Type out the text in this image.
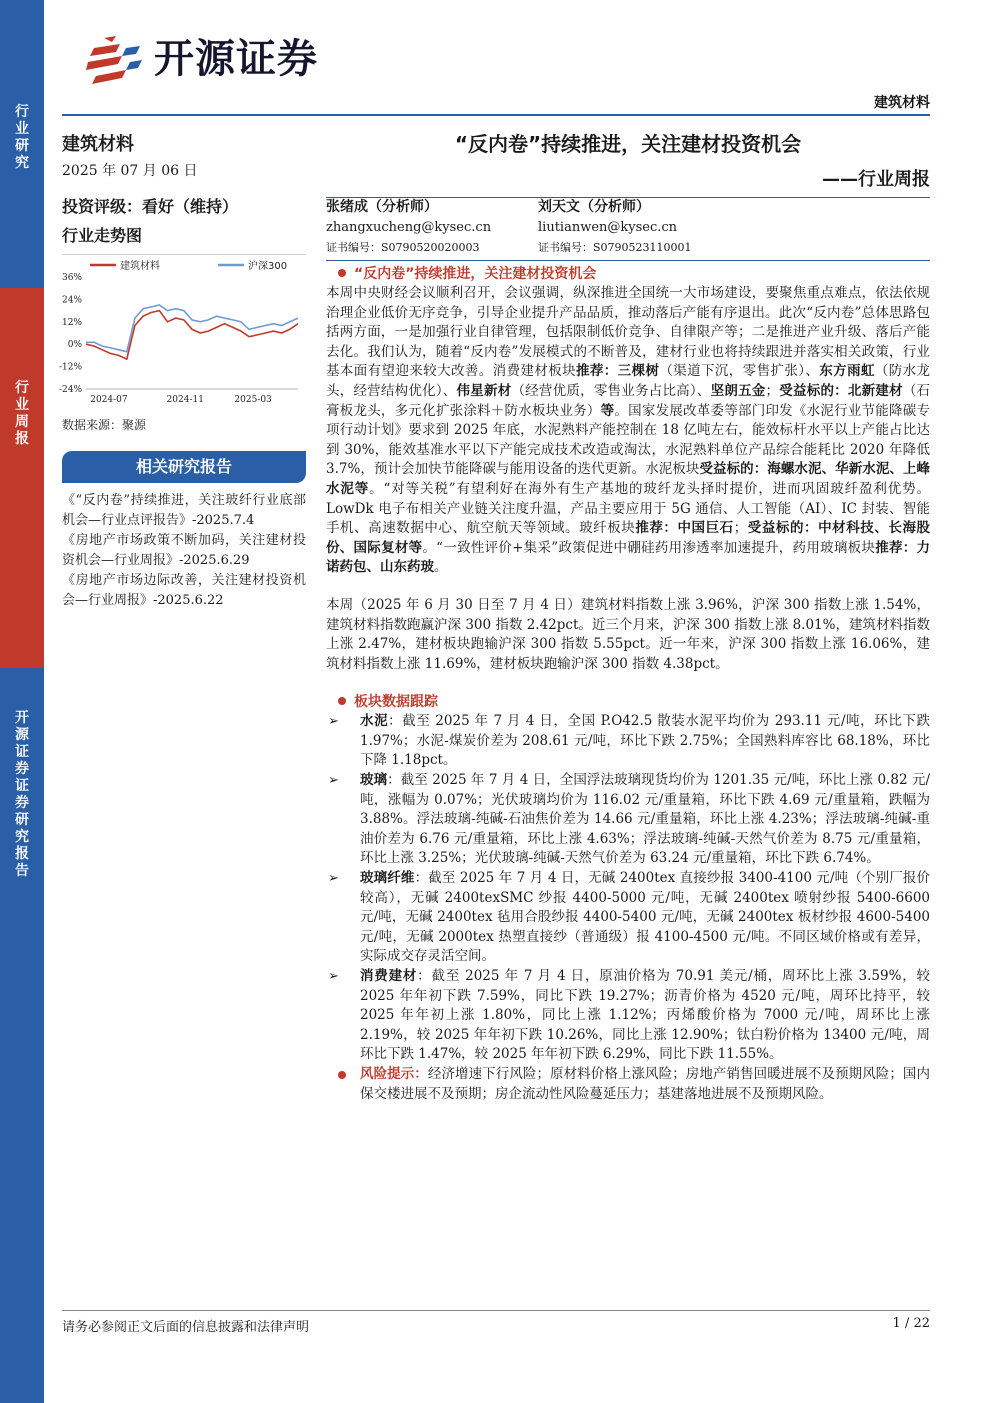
行业研究
行业周报
开源证券证券研究报告
开源证券
建筑材料
建筑材料
2025 年 07 月 06 日
投资评级：看好（维持）
行业走势图
建筑材料	沪深300
36%
24%
12%
0%
-12%
-24%
2024-07	2024-11	2025-03
数据来源：聚源
相关研究报告
《“反内卷”持续推进，关注玻纤行业底部机会—行业点评报告》-2025.7.4
《房地产市场政策不断加码，关注建材投资机会—行业周报》-2025.6.29
《房地产市场边际改善，关注建材投资机会—行业周报》-2025.6.22
“反内卷”持续推进，关注建材投资机会
——行业周报
张绪成（分析师）
zhangxucheng@kysec.cn
证书编号：S0790520020003
刘天文（分析师）
liutianwen@kysec.cn
证书编号：S0790523110001
“反内卷”持续推进，关注建材投资机会
本周中央财经会议顺利召开，会议强调，纵深推进全国统一大市场建设，要聚焦重点难点，依法依规治理企业低价无序竞争，引导企业提升产品品质，推动落后产能有序退出。此次“反内卷”总体思路包括两方面，一是加强行业自律管理，包括限制低价竞争、自律限产等；二是推进产业升级、落后产能去化。我们认为，随着“反内卷”发展模式的不断普及，建材行业也将持续跟进并落实相关政策，行业基本面有望迎来较大改善。消费建材板块推荐：三棵树（渠道下沉，零售扩张）、东方雨虹（防水龙头，经营结构优化）、伟星新材（经营优质，零售业务占比高）、坚朗五金；受益标的：北新建材（石膏板龙头，多元化扩张涂料＋防水板块业务）等。国家发展改革委等部门印发《水泥行业节能降碳专项行动计划》要求到 2025 年底，水泥熟料产能控制在 18 亿吨左右，能效标杆水平以上产能占比达到 30%，能效基准水平以下产能完成技术改造或淘汰，水泥熟料单位产品综合能耗比 2020 年降低 3.7%，预计会加快节能降碳与能用设备的迭代更新。水泥板块受益标的：海螺水泥、华新水泥、上峰水泥等。“对等关税”有望利好在海外有生产基地的玻纤龙头择时提价，进而巩固玻纤盈利优势。LowDk 电子布相关产业链关注度升温，产品主要应用于 5G 通信、人工智能（AI）、IC 封装、智能手机、高速数据中心、航空航天等领域。玻纤板块推荐：中国巨石；受益标的：中材科技、长海股份、国际复材等。“一致性评价+集采”政策促进中硼硅药用渗透率加速提升，药用玻璃板块推荐：力诺药包、山东药玻。
本周（2025 年 6 月 30 日至 7 月 4 日）建筑材料指数上涨 3.96%，沪深 300 指数上涨 1.54%，建筑材料指数跑赢沪深 300 指数 2.42pct。近三个月来，沪深 300 指数上涨 8.01%，建筑材料指数上涨 2.47%，建材板块跑输沪深 300 指数 5.55pct。近一年来，沪深 300 指数上涨 16.06%，建筑材料指数上涨 11.69%，建材板块跑输沪深 300 指数 4.38pct。
板块数据跟踪
➢ 水泥：截至 2025 年 7 月 4 日，全国 P.O42.5 散装水泥平均价为 293.11 元/吨，环比下跌 1.97%；水泥-煤炭价差为 208.61 元/吨，环比下跌 2.75%；全国熟料库容比 68.18%，环比下降 1.18pct。
➢ 玻璃：截至 2025 年 7 月 4 日，全国浮法玻璃现货均价为 1201.35 元/吨，环比上涨 0.82 元/吨，涨幅为 0.07%；光伏玻璃均价为 116.02 元/重量箱，环比下跌 4.69 元/重量箱，跌幅为 3.88%。浮法玻璃-纯碱-石油焦价差为 14.66 元/重量箱，环比上涨 4.23%；浮法玻璃-纯碱-重油价差为 6.76 元/重量箱，环比上涨 4.63%；浮法玻璃-纯碱-天然气价差为 8.75 元/重量箱，环比上涨 3.25%；光伏玻璃-纯碱-天然气价差为 63.24 元/重量箱，环比下跌 6.74%。
➢ 玻璃纤维：截至 2025 年 7 月 4 日，无碱 2400tex 直接纱报 3400-4100 元/吨（个别厂报价较高），无碱 2400texSMC 纱报 4400-5000 元/吨，无碱 2400tex 喷射纱报 5400-6600 元/吨，无碱 2400tex 毡用合股纱报 4400-5400 元/吨，无碱 2400tex 板材纱报 4600-5400 元/吨，无碱 2000tex 热塑直接纱（普通级）报 4100-4500 元/吨。不同区域价格或有差异，实际成交存灵活空间。
➢ 消费建材：截至 2025 年 7 月 4 日，原油价格为 70.91 美元/桶，周环比上涨 3.59%，较 2025 年年初下跌 7.59%，同比下跌 19.27%；沥青价格为 4520 元/吨，周环比持平，较 2025 年年初上涨 1.80%，同比上涨 1.12%；丙烯酸价格为 7000 元/吨，周环比上涨 2.19%，较 2025 年年初下跌 10.26%，同比上涨 12.90%；钛白粉价格为 13400 元/吨，周环比下跌 1.47%，较 2025 年年初下跌 6.29%，同比下跌 11.55%。
风险提示：经济增速下行风险；原材料价格上涨风险；房地产销售回暖进展不及预期风险；国内保交楼进展不及预期；房企流动性风险蔓延压力；基建落地进展不及预期风险。
请务必参阅正文后面的信息披露和法律声明	1 / 22
